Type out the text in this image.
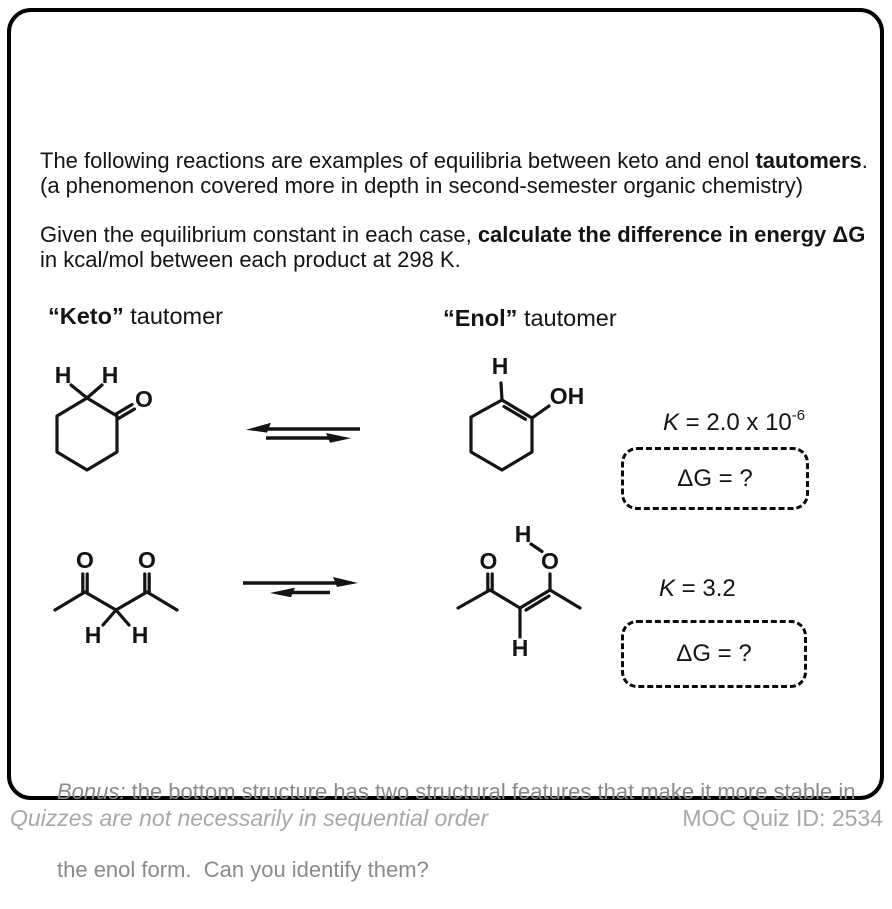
The following reactions are examples of equilibria between keto and enol tautomers.
(a phenomenon covered more in depth in second-semester organic chemistry)
Given the equilibrium constant in each case, calculate the difference in energy ΔG
in kcal/mol between each product at 298 K.
“Keto” tautomer	“Enol” tautomer
H H
O
H
OH
K = 2.0 x $10^{-6}$
ΔG = ?
O O
H H
H
O O
H
K = 3.2
ΔG = ?

Bonus: the bottom structure has two structural features that make it more stable in

the enol form.  Can you identify them?

Quizzes are not necessarily in sequential order	MOC Quiz ID: 2534
